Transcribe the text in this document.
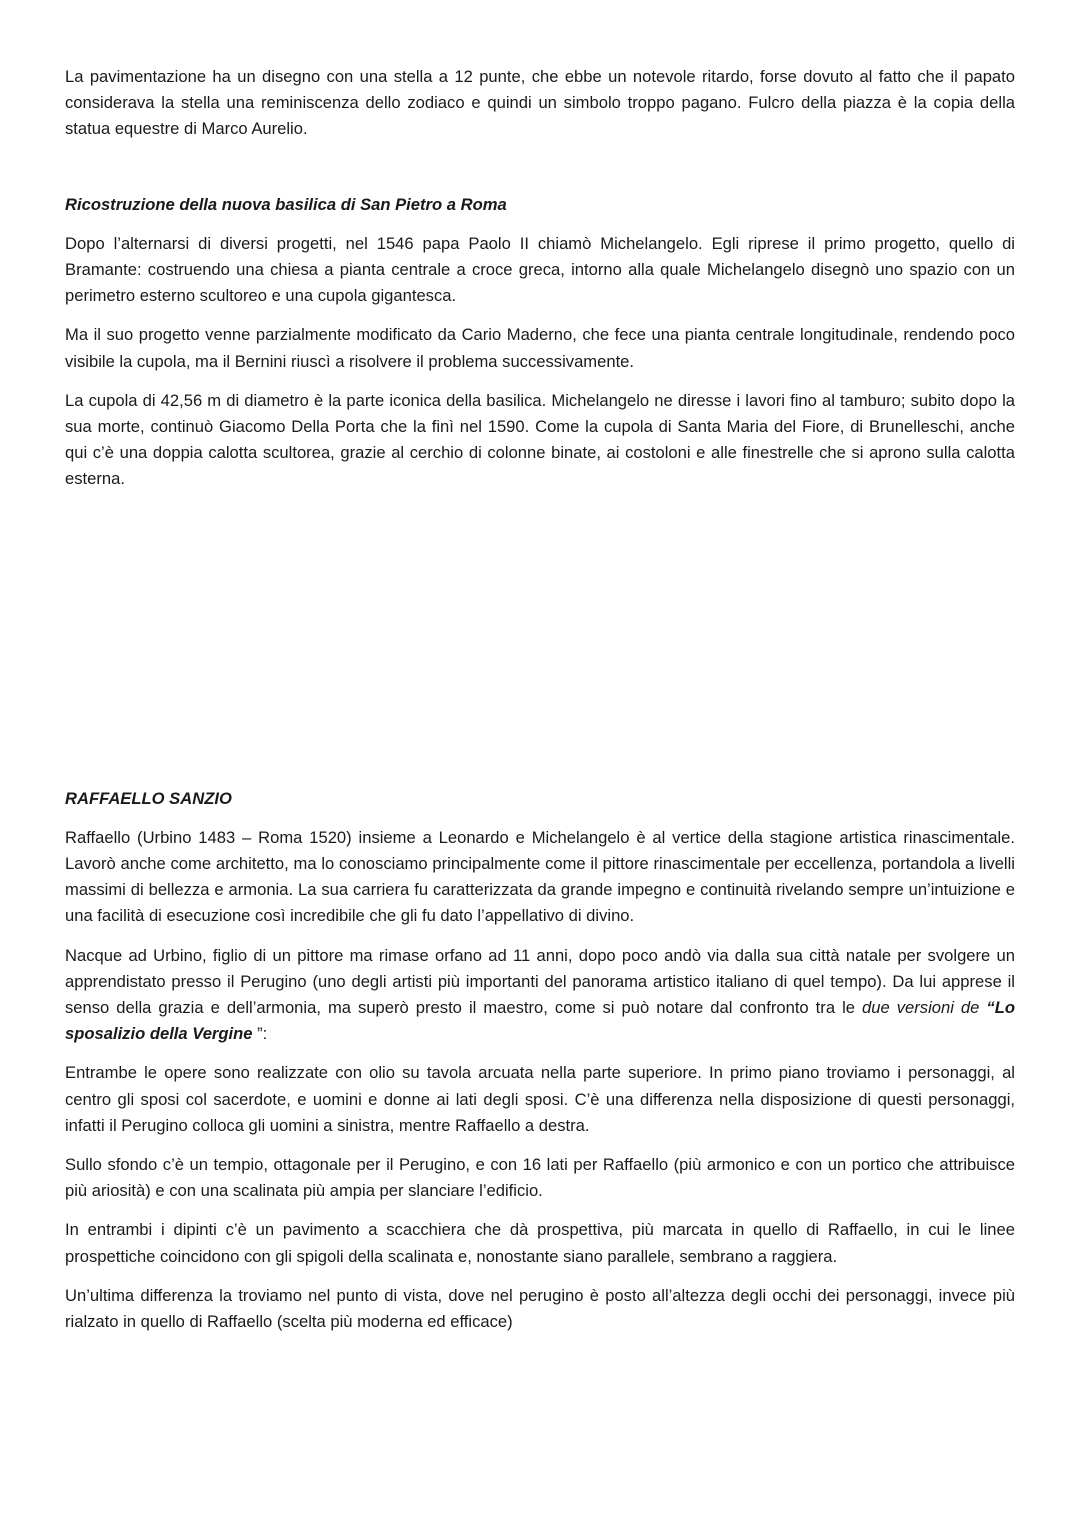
La pavimentazione ha un disegno con una stella a 12 punte, che ebbe un notevole ritardo, forse dovuto al fatto che il papato considerava la stella una reminiscenza dello zodiaco e quindi un simbolo troppo pagano. Fulcro della piazza è la copia della statua equestre di Marco Aurelio.

Ricostruzione della nuova basilica di San Pietro a Roma

Dopo l’alternarsi di diversi progetti, nel 1546 papa Paolo II chiamò Michelangelo. Egli riprese il primo progetto, quello di Bramante: costruendo una chiesa a pianta centrale a croce greca, intorno alla quale Michelangelo disegnò uno spazio con un perimetro esterno scultoreo e una cupola gigantesca.

Ma il suo progetto venne parzialmente modificato da Cario Maderno, che fece una pianta centrale longitudinale, rendendo poco visibile la cupola, ma il Bernini riuscì a risolvere il problema successivamente.

La cupola di 42,56 m di diametro è la parte iconica della basilica. Michelangelo ne diresse i lavori fino al tamburo; subito dopo la sua morte, continuò Giacomo Della Porta che la finì nel 1590. Come la cupola di Santa Maria del Fiore, di Brunelleschi, anche qui c’è una doppia calotta scultorea, grazie al cerchio di colonne binate, ai costoloni e alle finestrelle che si aprono sulla calotta esterna.

RAFFAELLO SANZIO

Raffaello (Urbino 1483 – Roma 1520) insieme a Leonardo e Michelangelo è al vertice della stagione artistica rinascimentale. Lavorò anche come architetto, ma lo conosciamo principalmente come il pittore rinascimentale per eccellenza, portandola a livelli massimi di bellezza e armonia. La sua carriera fu caratterizzata da grande impegno e continuità rivelando sempre un’intuizione e una facilità di esecuzione così incredibile che gli fu dato l’appellativo di divino.

Nacque ad Urbino, figlio di un pittore ma rimase orfano ad 11 anni, dopo poco andò via dalla sua città natale per svolgere un apprendistato presso il Perugino (uno degli artisti più importanti del panorama artistico italiano di quel tempo). Da lui apprese il senso della grazia e dell’armonia, ma superò presto il maestro, come si può notare dal confronto tra le due versioni de “Lo sposalizio della Vergine ”:

Entrambe le opere sono realizzate con olio su tavola arcuata nella parte superiore. In primo piano troviamo i personaggi, al centro gli sposi col sacerdote, e uomini e donne ai lati degli sposi. C’è una differenza nella disposizione di questi personaggi, infatti il Perugino colloca gli uomini a sinistra, mentre Raffaello a destra.

Sullo sfondo c’è un tempio, ottagonale per il Perugino, e con 16 lati per Raffaello (più armonico e con un portico che attribuisce più ariosità) e con una scalinata più ampia per slanciare l’edificio.

In entrambi i dipinti c’è un pavimento a scacchiera che dà prospettiva, più marcata in quello di Raffaello, in cui le linee prospettiche coincidono con gli spigoli della scalinata e, nonostante siano parallele, sembrano a raggiera.

Un’ultima differenza la troviamo nel punto di vista, dove nel perugino è posto all’altezza degli occhi dei personaggi, invece più rialzato in quello di Raffaello (scelta più moderna ed efficace)
